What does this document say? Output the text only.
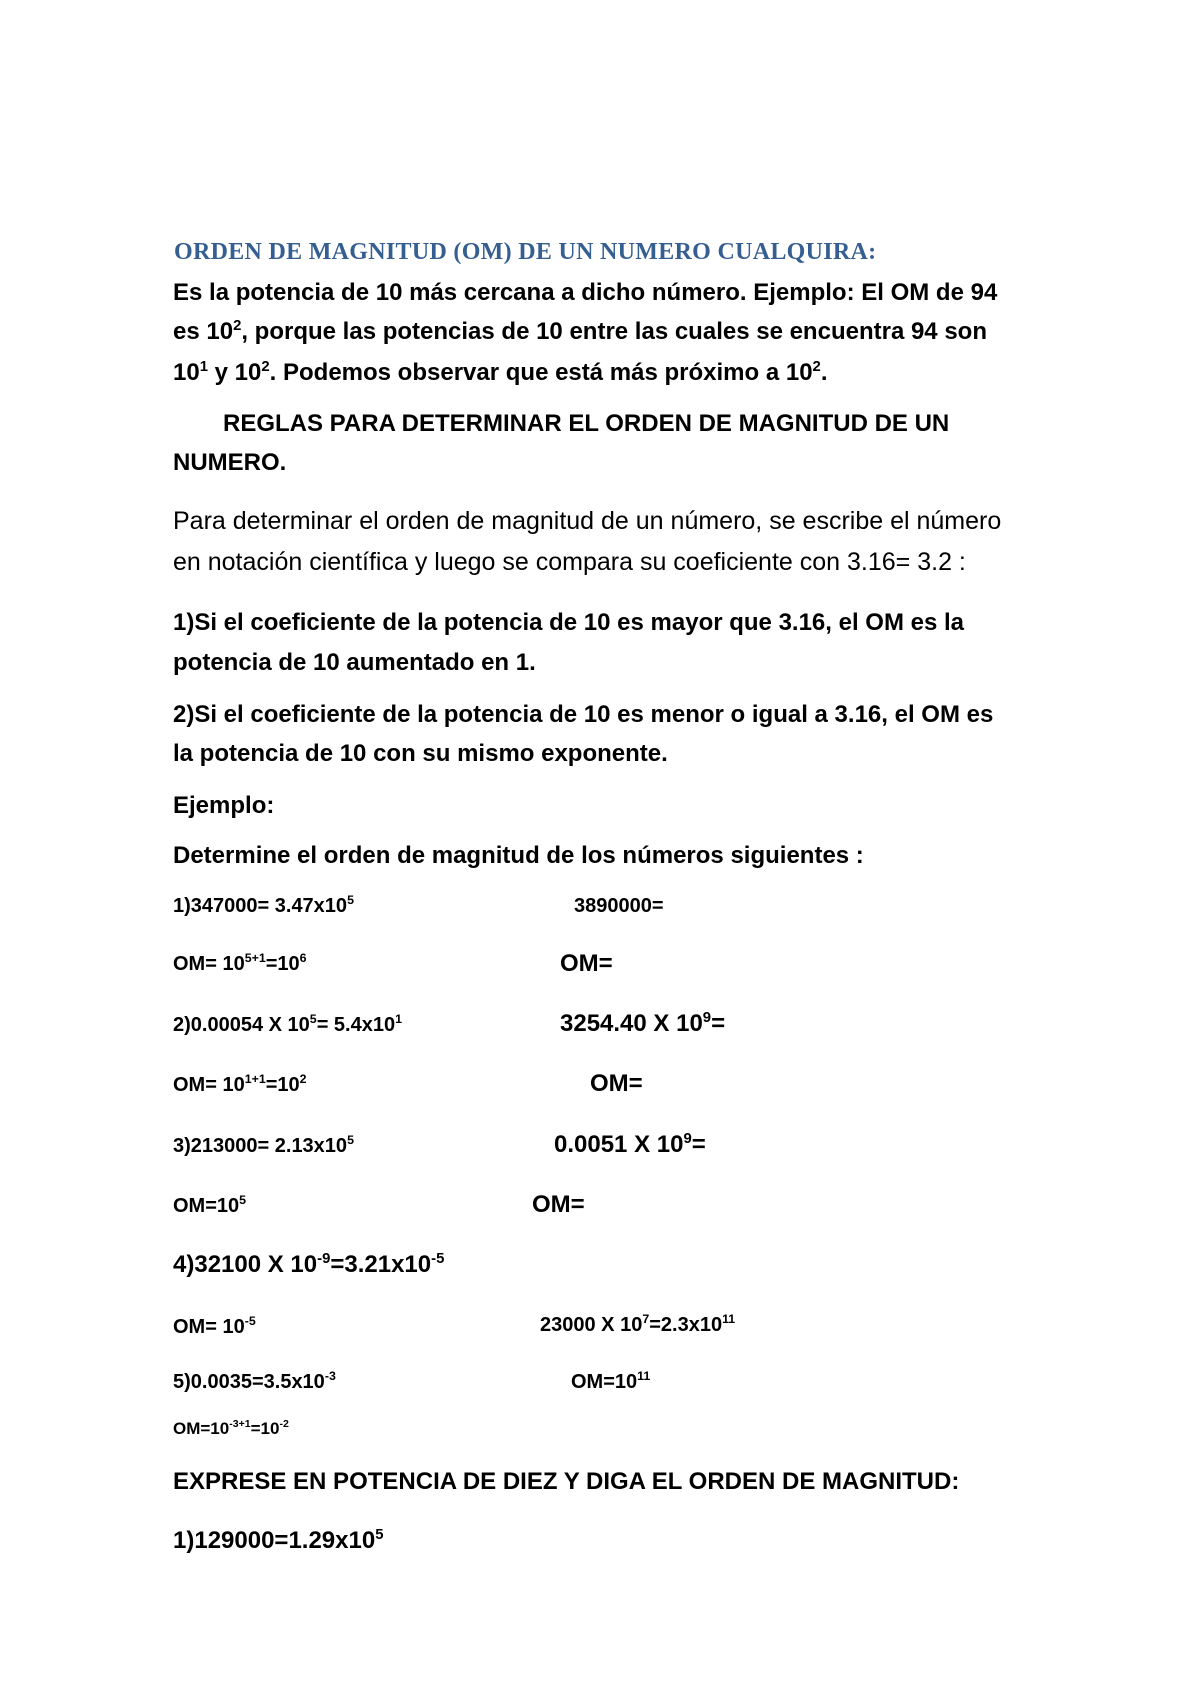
ORDEN DE MAGNITUD (OM) DE UN NUMERO CUALQUIRA:
Es la potencia de 10 más cercana a dicho número. Ejemplo: El OM de 94
es $10^2$, porque las potencias de 10 entre las cuales se encuentra 94 son
$10^1$ y $10^2$. Podemos observar que está más próximo a $10^2$.
REGLAS PARA DETERMINAR EL ORDEN DE MAGNITUD DE UN
NUMERO.
Para determinar el orden de magnitud de un número, se escribe el número
en notación científica y luego se compara su coeficiente con 3.16= 3.2 :
1)Si el coeficiente de la potencia de 10 es mayor que 3.16, el OM es la
potencia de 10 aumentado en 1.
2)Si el coeficiente de la potencia de 10 es menor o igual a 3.16, el OM es
la potencia de 10 con su mismo exponente.
Ejemplo:
Determine el orden de magnitud de los números siguientes :
$1)347000= 3.47x10^5$	3890000=
$OM= 10^{5+1}=10^6$	OM=
2)0.00054 X $10^5= 5.4x10^1$	3254.40 X $10^9=$
$OM= 10^{1+1}=10^2$	OM=
$3)213000= 2.13x10^5$	0.0051 X $10^9=$
$OM=10^5$	OM=
4)32100 X $10^{-9}=3.21x10^{-5}$
$OM= 10^{-5}$	23000 X $10^7=2.3x10^{11}$
$5)0.0035=3.5x10^{-3}$	$OM=10^{11}$
$OM=10^{-3+1}=10^{-2}$
EXPRESE EN POTENCIA DE DIEZ Y DIGA EL ORDEN DE MAGNITUD:
$1)129000=1.29x10^5$
